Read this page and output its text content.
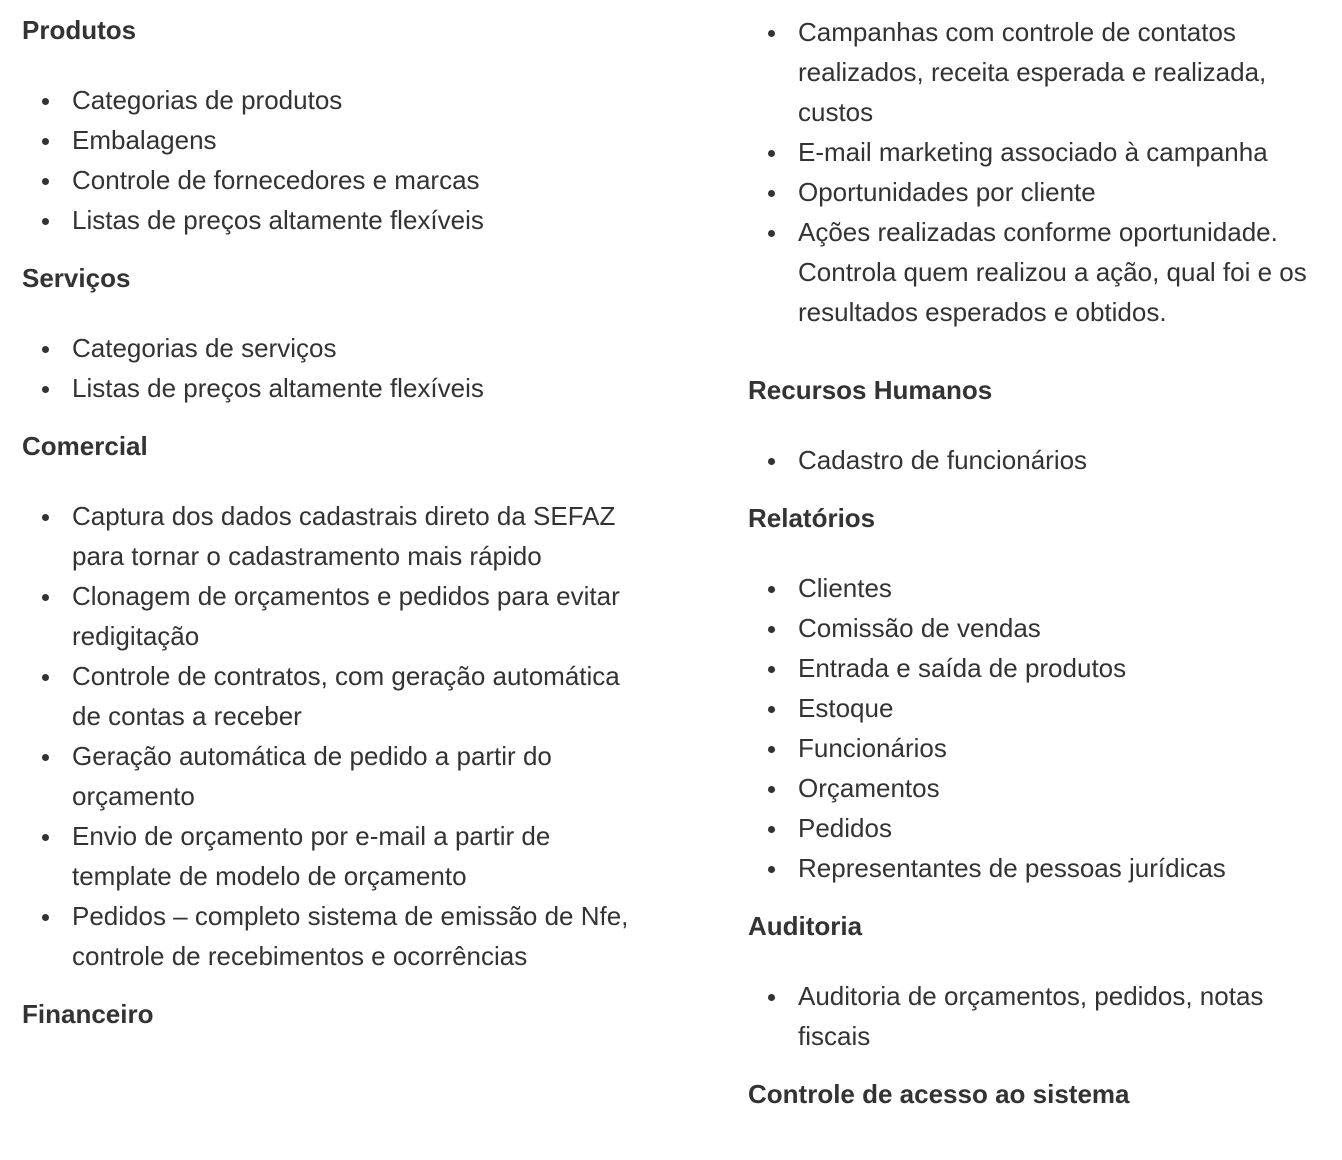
Produtos
Categorias de produtos
Embalagens
Controle de fornecedores e marcas
Listas de preços altamente flexíveis
Serviços
Categorias de serviços
Listas de preços altamente flexíveis
Comercial
Captura dos dados cadastrais direto da SEFAZ para tornar o cadastramento mais rápido
Clonagem de orçamentos e pedidos para evitar redigitação
Controle de contratos, com geração automática de contas a receber
Geração automática de pedido a partir do orçamento
Envio de orçamento por e-mail a partir de template de modelo de orçamento
Pedidos – completo sistema de emissão de Nfe, controle de recebimentos e ocorrências
Financeiro
Campanhas com controle de contatos realizados, receita esperada e realizada, custos
E-mail marketing associado à campanha
Oportunidades por cliente
Ações realizadas conforme oportunidade. Controla quem realizou a ação, qual foi e os resultados esperados e obtidos.
Recursos Humanos
Cadastro de funcionários
Relatórios
Clientes
Comissão de vendas
Entrada e saída de produtos
Estoque
Funcionários
Orçamentos
Pedidos
Representantes de pessoas jurídicas
Auditoria
Auditoria de orçamentos, pedidos, notas fiscais
Controle de acesso ao sistema
